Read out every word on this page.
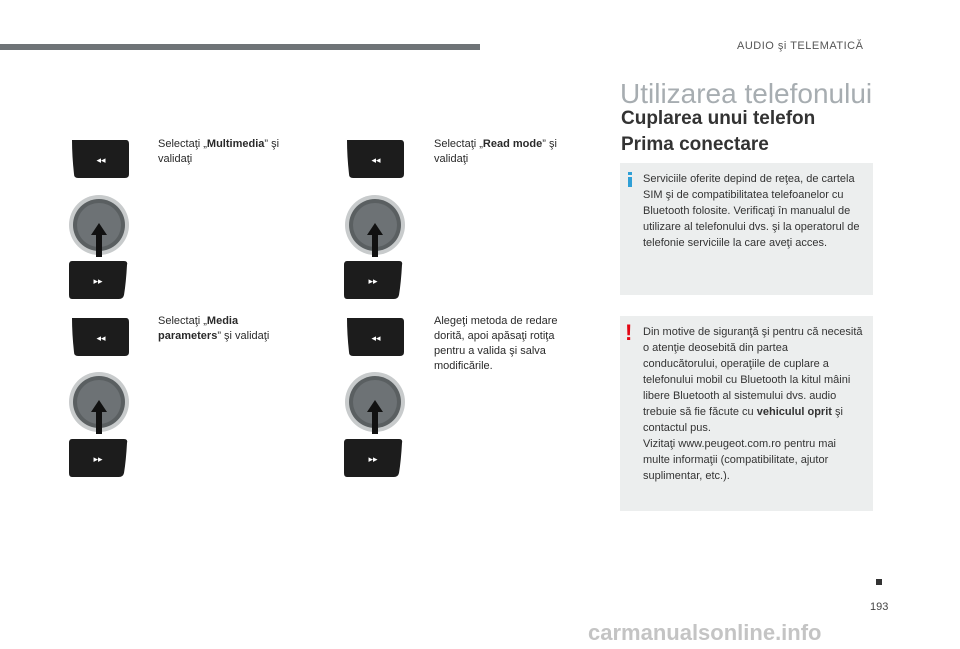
AUDIO şi TELEMATICĂ
◂◂
▸▸
◂◂
▸▸
◂◂
▸▸
◂◂
▸▸
Selectaţi „Multimedia” şi validaţi
Selectaţi „Media parameters” şi validaţi
Selectaţi „Read mode” şi validaţi
Alegeţi metoda de redare dorită, apoi apăsaţi rotiţa pentru a valida şi salva modificările.
Utilizarea telefonului
Cuplarea unui telefon
Prima conectare
Serviciile oferite depind de reţea, de cartela SIM şi de compatibilitatea telefoanelor cu Bluetooth folosite. Verificaţi în manualul de utilizare al telefonului dvs. şi la operatorul de telefonie serviciile la care aveţi acces.
! Din motive de siguranţă şi pentru că necesită o atenţie deosebită din partea conducătorului, operaţiile de cuplare a telefonului mobil cu Bluetooth la kitul mâini libere Bluetooth al sistemului dvs. audio trebuie să fie făcute cu vehiculul oprit şi contactul pus.
Vizitaţi www.peugeot.com.ro pentru mai multe informaţii (compatibilitate, ajutor suplimentar, etc.).
193
carmanualsonline.info
